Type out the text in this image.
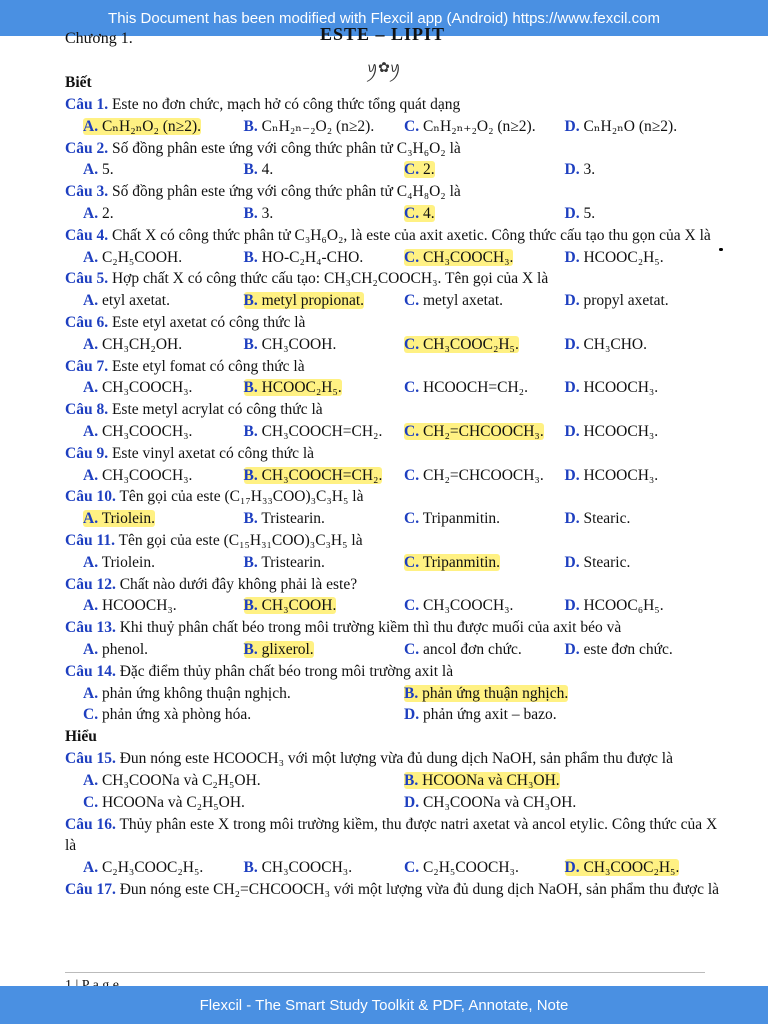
This Document has been modified with Flexcil app (Android) https://www.fexcil.com
Chương 1.	ESTE – LIPIT
ꪗ✿ꪗ
Biết
Câu 1. Este no đơn chức, mạch hở có công thức tổng quát dạng
A. CₙH₂ₙO₂ (n≥2).	B. CₙH₂ₙ₋₂O₂ (n≥2).	C. CₙH₂ₙ₊₂O₂ (n≥2).	D. CₙH₂ₙO (n≥2).
Câu 2. Số đồng phân este ứng với công thức phân tử C₃H₆O₂ là
A. 5.	B. 4.	C. 2.	D. 3.
Câu 3. Số đồng phân este ứng với công thức phân tử C₄H₈O₂ là
A. 2.	B. 3.	C. 4.	D. 5.
Câu 4. Chất X có công thức phân tử C₃H₆O₂, là este của axit axetic. Công thức cấu tạo thu gọn của X là
A. C₂H₅COOH.	B. HO-C₂H₄-CHO.	C. CH₃COOCH₃.	D. HCOOC₂H₅.
Câu 5. Hợp chất X có công thức cấu tạo: CH₃CH₂COOCH₃. Tên gọi của X là
A. etyl axetat.	B. metyl propionat.	C. metyl axetat.	D. propyl axetat.
Câu 6. Este etyl axetat có công thức là
A. CH₃CH₂OH.	B. CH₃COOH.	C. CH₃COOC₂H₅.	D. CH₃CHO.
Câu 7. Este etyl fomat có công thức là
A. CH₃COOCH₃.	B. HCOOC₂H₅.	C. HCOOCH=CH₂.	D. HCOOCH₃.
Câu 8. Este metyl acrylat có công thức là
A. CH₃COOCH₃.	B. CH₃COOCH=CH₂.	C. CH₂=CHCOOCH₃.	D. HCOOCH₃.
Câu 9. Este vinyl axetat có công thức là
A. CH₃COOCH₃.	B. CH₃COOCH=CH₂.	C. CH₂=CHCOOCH₃.	D. HCOOCH₃.
Câu 10. Tên gọi của este (C₁₇H₃₃COO)₃C₃H₅ là
A. Triolein.	B. Tristearin.	C. Tripanmitin.	D. Stearic.
Câu 11. Tên gọi của este (C₁₅H₃₁COO)₃C₃H₅ là
A. Triolein.	B. Tristearin.	C. Tripanmitin.	D. Stearic.
Câu 12. Chất nào dưới đây không phải là este?
A. HCOOCH₃.	B. CH₃COOH.	C. CH₃COOCH₃.	D. HCOOC₆H₅.
Câu 13. Khi thuỷ phân chất béo trong môi trường kiềm thì thu được muối của axit béo và
A. phenol.	B. glixerol.	C. ancol đơn chức.	D. este đơn chức.
Câu 14. Đặc điểm thủy phân chất béo trong môi trường axit là
A. phản ứng không thuận nghịch.	B. phản ứng thuận nghịch.
C. phản ứng xà phòng hóa.	D. phản ứng axit – bazo.
Hiểu
Câu 15. Đun nóng este HCOOCH₃ với một lượng vừa đủ dung dịch NaOH, sản phẩm thu được là
A. CH₃COONa và C₂H₅OH.	B. HCOONa và CH₃OH.
C. HCOONa và C₂H₅OH.	D. CH₃COONa và CH₃OH.
Câu 16. Thủy phân este X trong môi trường kiềm, thu được natri axetat và ancol etylic. Công thức của X là
A. C₂H₃COOC₂H₅.	B. CH₃COOCH₃.	C. C₂H₅COOCH₃.	D. CH₃COOC₂H₅.
Câu 17. Đun nóng este CH₂=CHCOOCH₃ với một lượng vừa đủ dung dịch NaOH, sản phẩm thu được là
Flexcil - The Smart Study Toolkit & PDF, Annotate, Note
